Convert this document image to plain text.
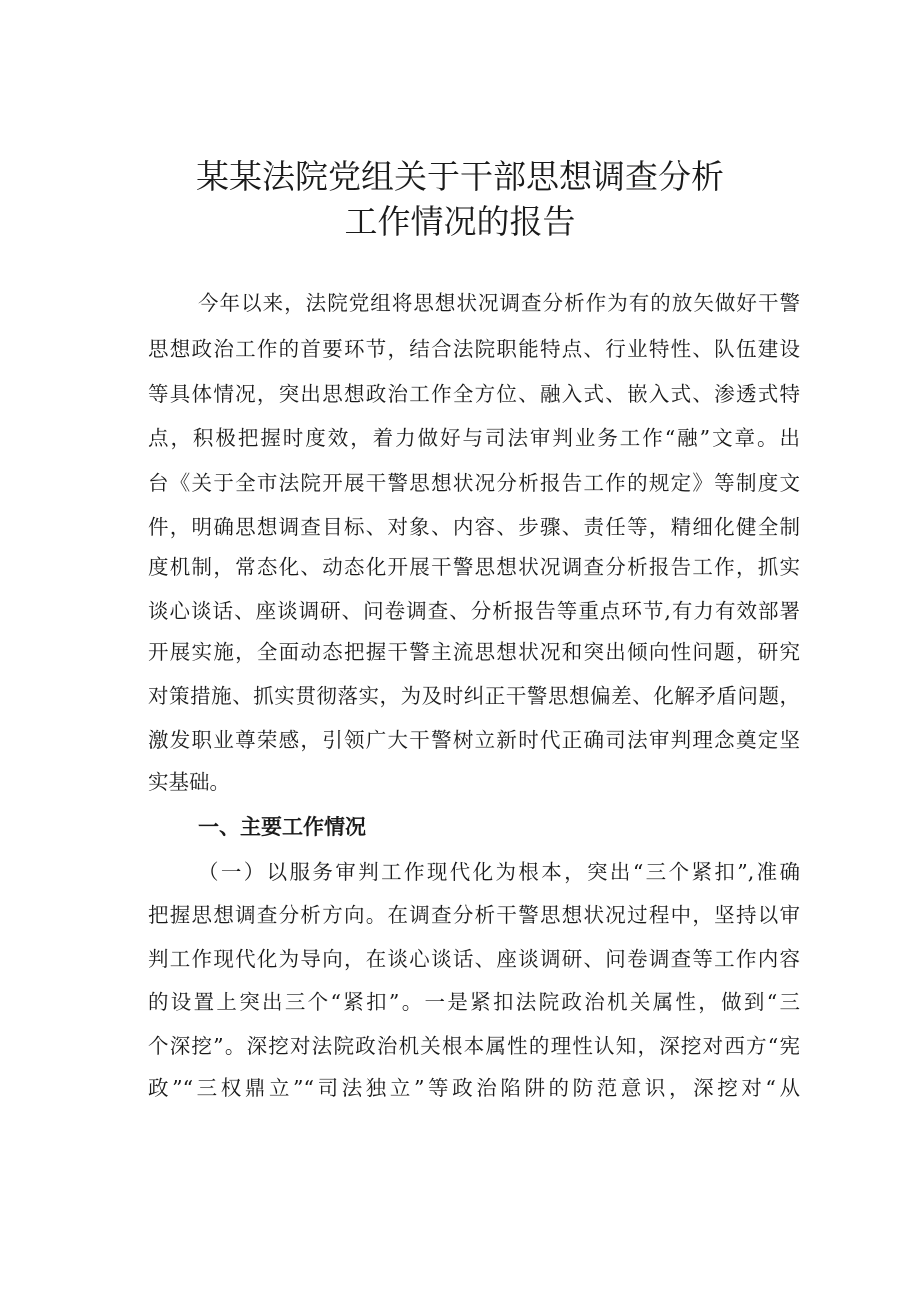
某某法院党组关于干部思想调查分析
工作情况的报告

今年以来，法院党组将思想状况调查分析作为有的放矢做好干警

思想政治工作的首要环节，结合法院职能特点、行业特性、队伍建设

等具体情况，突出思想政治工作全方位、融入式、嵌入式、渗透式特

点，积极把握时度效，着力做好与司法审判业务工作“融”文章。出

台《关于全市法院开展干警思想状况分析报告工作的规定》等制度文

件，明确思想调查目标、对象、内容、步骤、责任等，精细化健全制

度机制，常态化、动态化开展干警思想状况调查分析报告工作，抓实

谈心谈话、座谈调研、问卷调查、分析报告等重点环节,有力有效部署

开展实施，全面动态把握干警主流思想状况和突出倾向性问题，研究

对策措施、抓实贯彻落实，为及时纠正干警思想偏差、化解矛盾问题，

激发职业尊荣感，引领广大干警树立新时代正确司法审判理念奠定坚

实基础。

一、主要工作情况

（一）以服务审判工作现代化为根本，突出“三个紧扣”,准确

把握思想调查分析方向。在调查分析干警思想状况过程中，坚持以审

判工作现代化为导向，在谈心谈话、座谈调研、问卷调查等工作内容

的设置上突出三个“紧扣”。一是紧扣法院政治机关属性，做到“三

个深挖”。深挖对法院政治机关根本属性的理性认知，深挖对西方“宪

政”“三权鼎立”“司法独立”等政治陷阱的防范意识，深挖对“从
